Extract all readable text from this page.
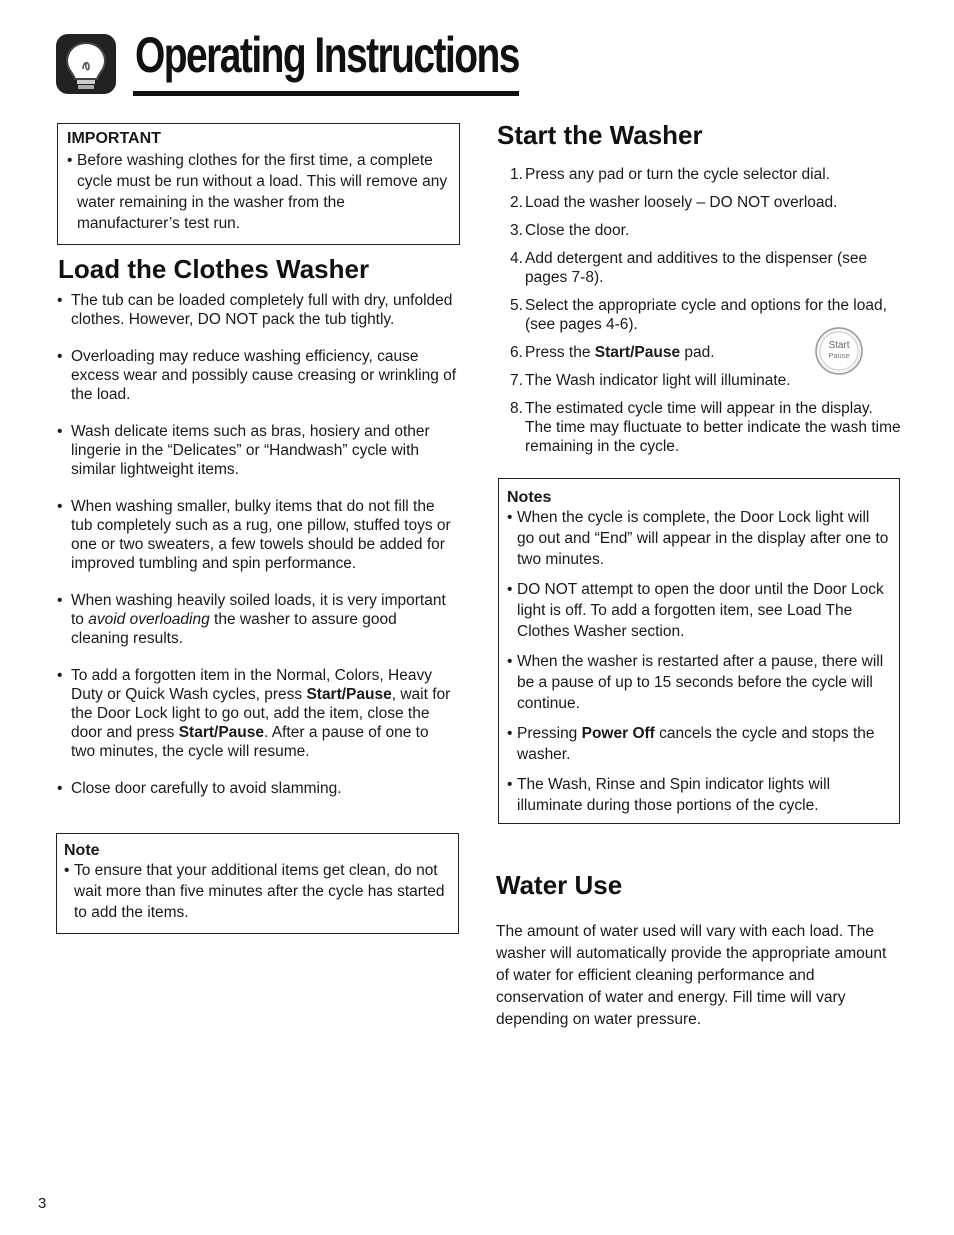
Operating Instructions
IMPORTANT
• Before washing clothes for the first time, a complete cycle must be run without a load. This will remove any water remaining in the washer from the manufacturer’s test run.
Load the Clothes Washer
• The tub can be loaded completely full with dry, unfolded clothes. However, DO NOT pack the tub tightly.
• Overloading may reduce washing efficiency, cause excess wear and possibly cause creasing or wrinkling of the load.
• Wash delicate items such as bras, hosiery and other lingerie in the “Delicates” or “Handwash” cycle with similar lightweight items.
• When washing smaller, bulky items that do not fill the tub completely such as a rug, one pillow, stuffed toys or one or two sweaters, a few towels should be added for improved tumbling and spin performance.
• When washing heavily soiled loads, it is very important to avoid overloading the washer to assure good cleaning results.
• To add a forgotten item in the Normal, Colors, Heavy Duty or Quick Wash cycles, press Start/Pause, wait for the Door Lock light to go out, add the item, close the door and press Start/Pause. After a pause of one to two minutes, the cycle will resume.
• Close door carefully to avoid slamming.
Note
• To ensure that your additional items get clean, do not wait more than five minutes after the cycle has started to add the items.
Start the Washer
1. Press any pad or turn the cycle selector dial.
2. Load the washer loosely – DO NOT overload.
3. Close the door.
4. Add detergent and additives to the dispenser (see pages 7-8).
5. Select the appropriate cycle and options for the load, (see pages 4-6).
6. Press the Start/Pause pad.
7. The Wash indicator light will illuminate.
8. The estimated cycle time will appear in the display. The time may fluctuate to better indicate the wash time remaining in the cycle.
Start
Pause
Notes
• When the cycle is complete, the Door Lock light will go out and “End” will appear in the display after one to two minutes.
• DO NOT attempt to open the door until the Door Lock light is off. To add a forgotten item, see Load The Clothes Washer section.
• When the washer is restarted after a pause, there will be a pause of up to 15 seconds before the cycle will continue.
• Pressing Power Off cancels the cycle and stops the washer.
• The Wash, Rinse and Spin indicator lights will illuminate during those portions of the cycle.
Water Use
The amount of water used will vary with each load. The washer will automatically provide the appropriate amount of water for efficient cleaning performance and conservation of water and energy. Fill time will vary depending on water pressure.
3
